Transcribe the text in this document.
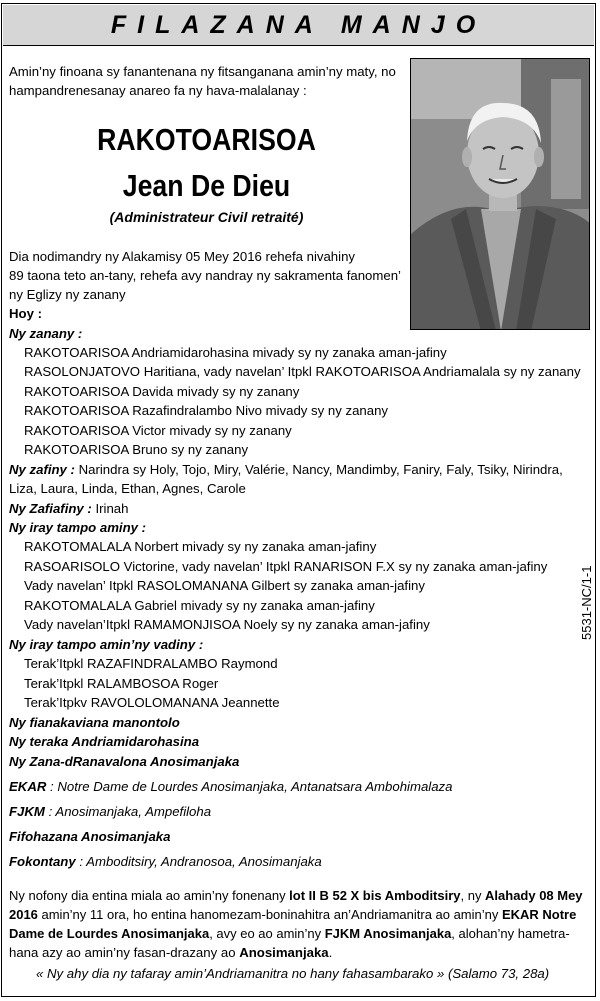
FILAZANA MANJO
Amin’ny finoana sy fanantenana ny fitsanganana amin’ny maty, no
hampandrenesanay anareo fa ny hava-malalanay :
RAKOTOARISOA
Jean De Dieu
(Administrateur Civil retraité)
Dia nodimandry ny Alakamisy 05 Mey 2016 rehefa nivahiny
89 taona teto an-tany, rehefa avy nandray ny sakramenta fanomen’
ny Eglizy ny zanany
Hoy :
Ny zanany :
RAKOTOARISOA Andriamidarohasina mivady sy ny zanaka aman-jafiny
RASOLONJATOVO Haritiana, vady navelan’ Itpkl RAKOTOARISOA Andriamalala sy ny zanany
RAKOTOARISOA Davida mivady sy ny zanany
RAKOTOARISOA Razafindralambo Nivo mivady sy ny zanany
RAKOTOARISOA Victor mivady sy ny zanany
RAKOTOARISOA Bruno sy ny zanany
Ny zafiny : Narindra sy Holy, Tojo, Miry, Valérie, Nancy, Mandimby, Faniry, Faly, Tsiky, Nirindra,
Liza, Laura, Linda, Ethan, Agnes, Carole
Ny Zafiafiny : Irinah
Ny iray tampo aminy :
RAKOTOMALALA Norbert mivady sy ny zanaka aman-jafiny
RASOARISOLO Victorine, vady navelan’ Itpkl RANARISON F.X sy ny zanaka aman-jafiny
Vady navelan’ Itpkl RASOLOMANANA Gilbert sy zanaka aman-jafiny
RAKOTOMALALA Gabriel mivady sy ny zanaka aman-jafiny
Vady navelan’Itpkl RAMAMONJISOA Noely sy ny zanaka aman-jafiny
Ny iray tampo amin’ny vadiny :
Terak’Itpkl RAZAFINDRALAMBO Raymond
Terak’Itpkl RALAMBOSOA Roger
Terak’Itpkv RAVOLOLOMANANA Jeannette
Ny fianakaviana manontolo
Ny teraka Andriamidarohasina
Ny Zana-dRanavalona Anosimanjaka
EKAR : Notre Dame de Lourdes Anosimanjaka, Antanatsara Ambohimalaza
FJKM : Anosimanjaka, Ampefiloha
Fifohazana Anosimanjaka
Fokontany : Amboditsiry, Andranosoa, Anosimanjaka
Ny nofony dia entina miala ao amin’ny fonenany lot II B 52 X bis Amboditsiry, ny Alahady 08 Mey
2016 amin’ny 11 ora, ho entina hanomezam-boninahitra an’Andriamanitra ao amin’ny EKAR Notre
Dame de Lourdes Anosimanjaka, avy eo ao amin’ny FJKM Anosimanjaka, alohan’ny hametra-
hana azy ao amin’ny fasan-drazany ao Anosimanjaka.
« Ny ahy dia ny tafaray amin’Andriamanitra no hany fahasambarako » (Salamo 73, 28a)
5531-NC/1-1
